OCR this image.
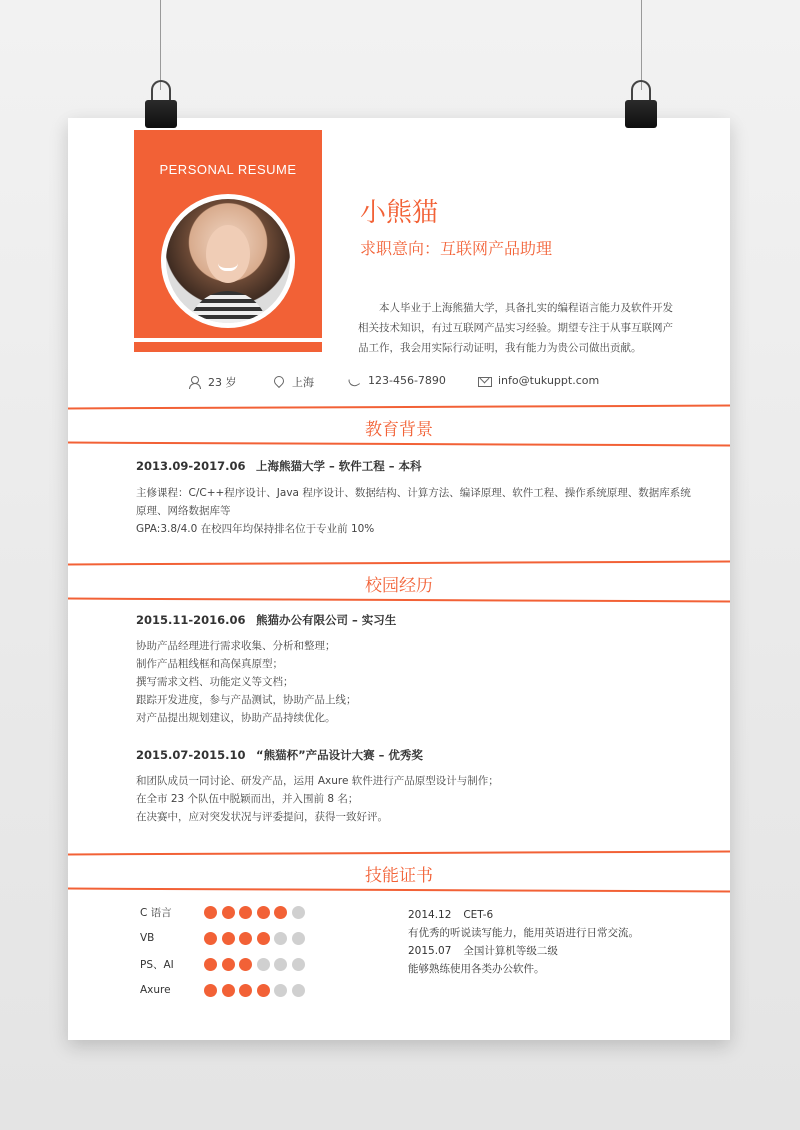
PERSONAL RESUME
小熊猫
求职意向：互联网产品助理
本人毕业于上海熊猫大学，具备扎实的编程语言能力及软件开发相关技术知识，有过互联网产品实习经验。期望专注于从事互联网产品工作，我会用实际行动证明，我有能力为贵公司做出贡献。
23 岁	上海	123-456-7890	info@tukuppt.com
教育背景
2013.09-2017.06 上海熊猫大学 – 软件工程 – 本科

主修课程：C/C++程序设计、Java 程序设计、数据结构、计算方法、编译原理、软件工程、操作系统原理、数据库系统原理、网络数据库等

GPA:3.8/4.0 在校四年均保持排名位于专业前 10%

校园经历
2015.11-2016.06 熊猫办公有限公司 – 实习生

协助产品经理进行需求收集、分析和整理；

制作产品粗线框和高保真原型；

撰写需求文档、功能定义等文档；

跟踪开发进度，参与产品测试，协助产品上线；

对产品提出规划建议，协助产品持续优化。

2015.07-2015.10 “熊猫杯”产品设计大赛 – 优秀奖

和团队成员一同讨论、研发产品，运用 Axure 软件进行产品原型设计与制作；

在全市 23 个队伍中脱颖而出，并入围前 8 名；

在决赛中，应对突发状况与评委提问，获得一致好评。

技能证书
C 语言
VB
PS、AI
Axure
2014.12 CET-6
有优秀的听说读写能力，能用英语进行日常交流。
2015.07 全国计算机等级二级
能够熟练使用各类办公软件。
